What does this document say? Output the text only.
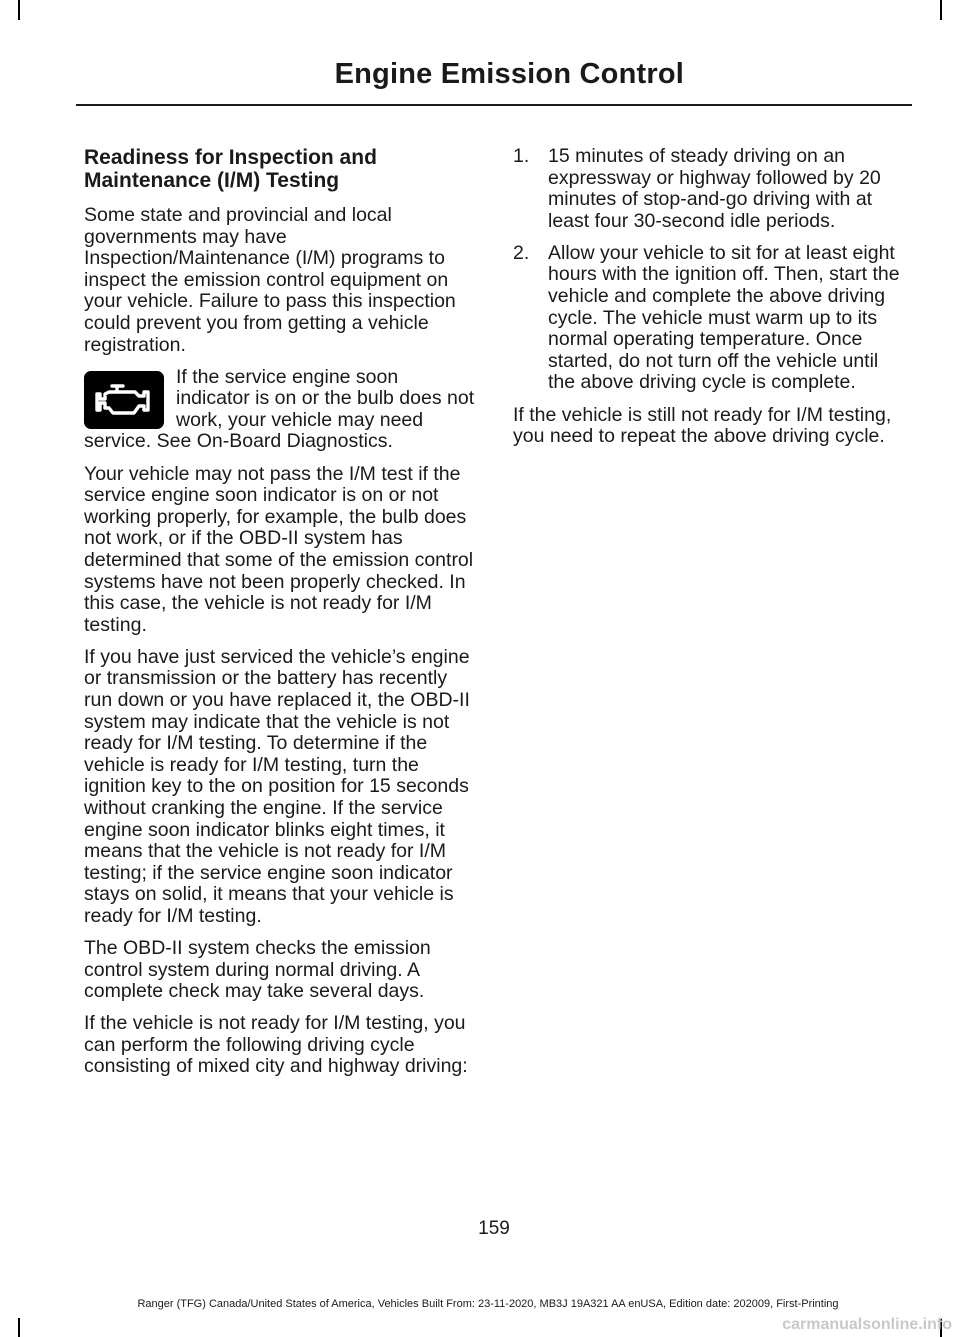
Engine Emission Control
Readiness for Inspection and Maintenance (I/M) Testing

Some state and provincial and local governments may have Inspection/Maintenance (I/M) programs to inspect the emission control equipment on your vehicle. Failure to pass this inspection could prevent you from getting a vehicle registration.

If the service engine soon indicator is on or the bulb does not work, your vehicle may need service. See On-Board Diagnostics.

Your vehicle may not pass the I/M test if the service engine soon indicator is on or not working properly, for example, the bulb does not work, or if the OBD-II system has determined that some of the emission control systems have not been properly checked. In this case, the vehicle is not ready for I/M testing.

If you have just serviced the vehicle’s engine or transmission or the battery has recently run down or you have replaced it, the OBD-II system may indicate that the vehicle is not ready for I/M testing. To determine if the vehicle is ready for I/M testing, turn the ignition key to the on position for 15 seconds without cranking the engine. If the service engine soon indicator blinks eight times, it means that the vehicle is not ready for I/M testing; if the service engine soon indicator stays on solid, it means that your vehicle is ready for I/M testing.

The OBD-II system checks the emission control system during normal driving. A complete check may take several days.

If the vehicle is not ready for I/M testing, you can perform the following driving cycle consisting of mixed city and highway driving:

1. 15 minutes of steady driving on an expressway or highway followed by 20 minutes of stop-and-go driving with at least four 30-second idle periods.
2. Allow your vehicle to sit for at least eight hours with the ignition off. Then, start the vehicle and complete the above driving cycle. The vehicle must warm up to its normal operating temperature. Once started, do not turn off the vehicle until the above driving cycle is complete.

If the vehicle is still not ready for I/M testing, you need to repeat the above driving cycle.

159
Ranger (TFG) Canada/United States of America, Vehicles Built From: 23-11-2020, MB3J 19A321 AA enUSA, Edition date: 202009, First-Printing
carmanualsonline.info
